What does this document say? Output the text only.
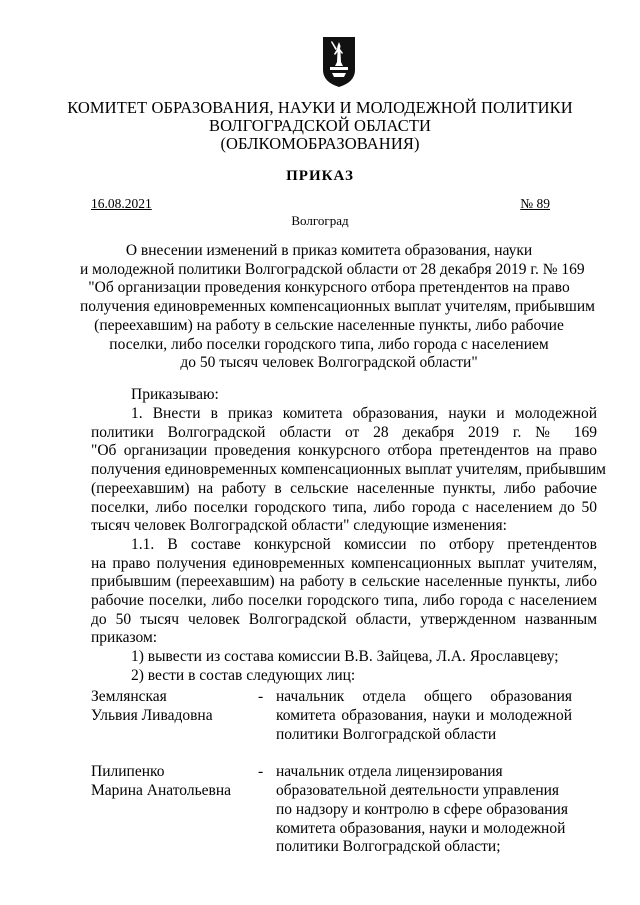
КОМИТЕТ ОБРАЗОВАНИЯ, НАУКИ И МОЛОДЕЖНОЙ ПОЛИТИКИ
ВОЛГОГРАДСКОЙ ОБЛАСТИ
(ОБЛКОМОБРАЗОВАНИЯ)
ПРИКАЗ
16.08.2021	№ 89
Волгоград
О внесении изменений в приказ комитета образования, науки
и молодежной политики Волгоградской области от 28 декабря 2019 г. № 169
"Об организации проведения конкурсного отбора претендентов на право
получения единовременных компенсационных выплат учителям, прибывшим
(переехавшим) на работу в сельские населенные пункты, либо рабочие
поселки, либо поселки городского типа, либо города с населением
до 50 тысяч человек Волгоградской области"
Приказываю:
1. Внести в приказ комитета образования, науки и молодежной
политики Волгоградской области от 28 декабря 2019 г. № 169
"Об организации проведения конкурсного отбора претендентов на право
получения единовременных компенсационных выплат учителям, прибывшим
(переехавшим) на работу в сельские населенные пункты, либо рабочие
поселки, либо поселки городского типа, либо города с населением до 50
тысяч человек Волгоградской области" следующие изменения:
1.1. В составе конкурсной комиссии по отбору претендентов
на право получения единовременных компенсационных выплат учителям,
прибывшим (переехавшим) на работу в сельские населенные пункты, либо
рабочие поселки, либо поселки городского типа, либо города с населением
до 50 тысяч человек Волгоградской области, утвержденном названным
приказом:
1) вывести из состава комиссии В.В. Зайцева, Л.А. Ярославцеву;
2) вести в состав следующих лиц:
Землянская
Ульвия Ливадовна
- начальник отдела общего образования
комитета образования, науки и молодежной
политики Волгоградской области
Пилипенко
Марина Анатольевна
- начальник отдела лицензирования
образовательной деятельности управления
по надзору и контролю в сфере образования
комитета образования, науки и молодежной
политики Волгоградской области;
